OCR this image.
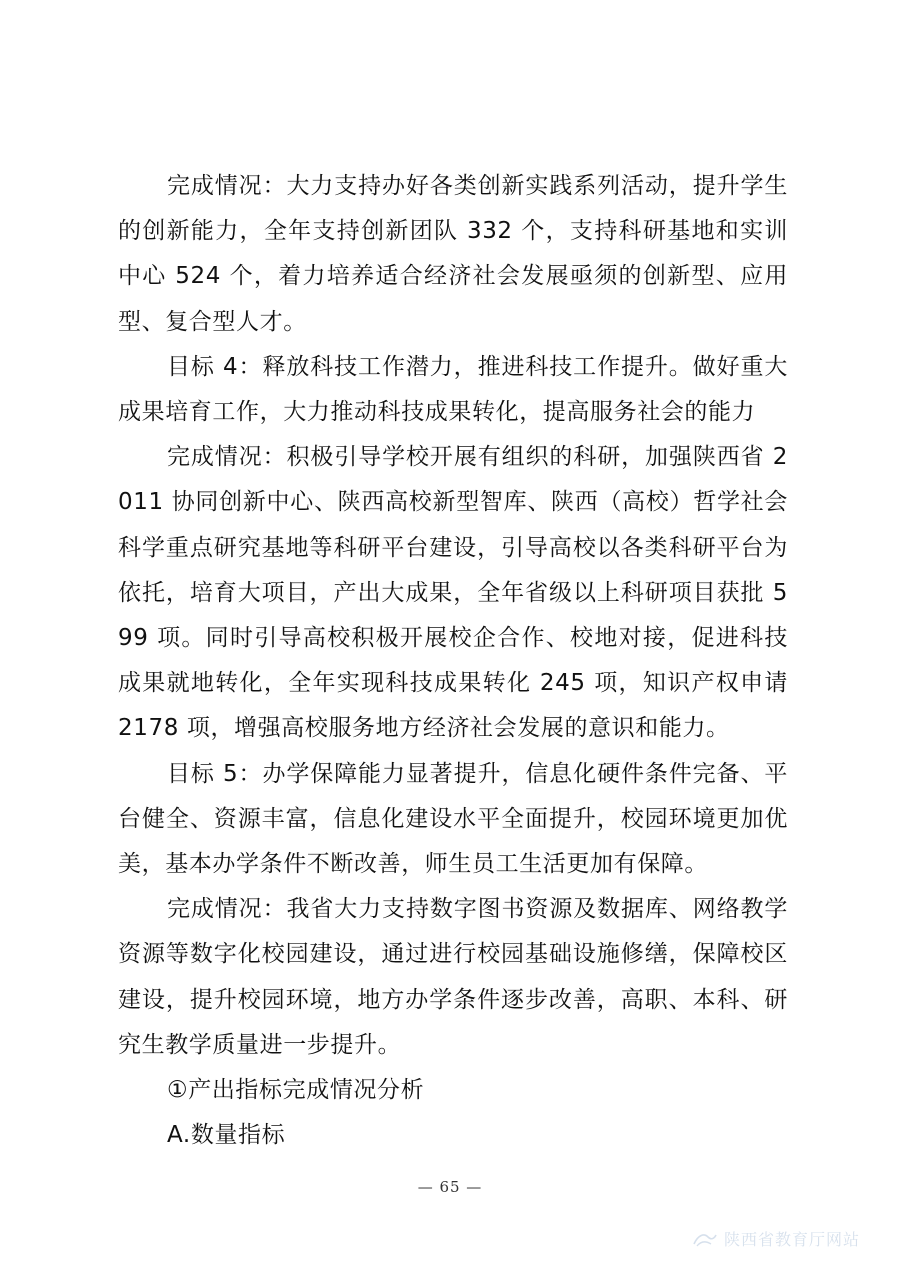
完成情况：大力支持办好各类创新实践系列活动，提升学生的创新能力，全年支持创新团队 332 个，支持科研基地和实训中心 524 个，着力培养适合经济社会发展亟须的创新型、应用型、复合型人才。

目标 4：释放科技工作潜力，推进科技工作提升。做好重大成果培育工作，大力推动科技成果转化，提高服务社会的能力

完成情况：积极引导学校开展有组织的科研，加强陕西省 2011 协同创新中心、陕西高校新型智库、陕西（高校）哲学社会科学重点研究基地等科研平台建设，引导高校以各类科研平台为依托，培育大项目，产出大成果，全年省级以上科研项目获批 599 项。同时引导高校积极开展校企合作、校地对接，促进科技成果就地转化，全年实现科技成果转化 245 项，知识产权申请 2178 项，增强高校服务地方经济社会发展的意识和能力。

目标 5：办学保障能力显著提升，信息化硬件条件完备、平台健全、资源丰富，信息化建设水平全面提升，校园环境更加优美，基本办学条件不断改善，师生员工生活更加有保障。

完成情况：我省大力支持数字图书资源及数据库、网络教学资源等数字化校园建设，通过进行校园基础设施修缮，保障校区建设，提升校园环境，地方办学条件逐步改善，高职、本科、研究生教学质量进一步提升。

①产出指标完成情况分析

A.数量指标

— 65 —
陕西省教育厅网站
